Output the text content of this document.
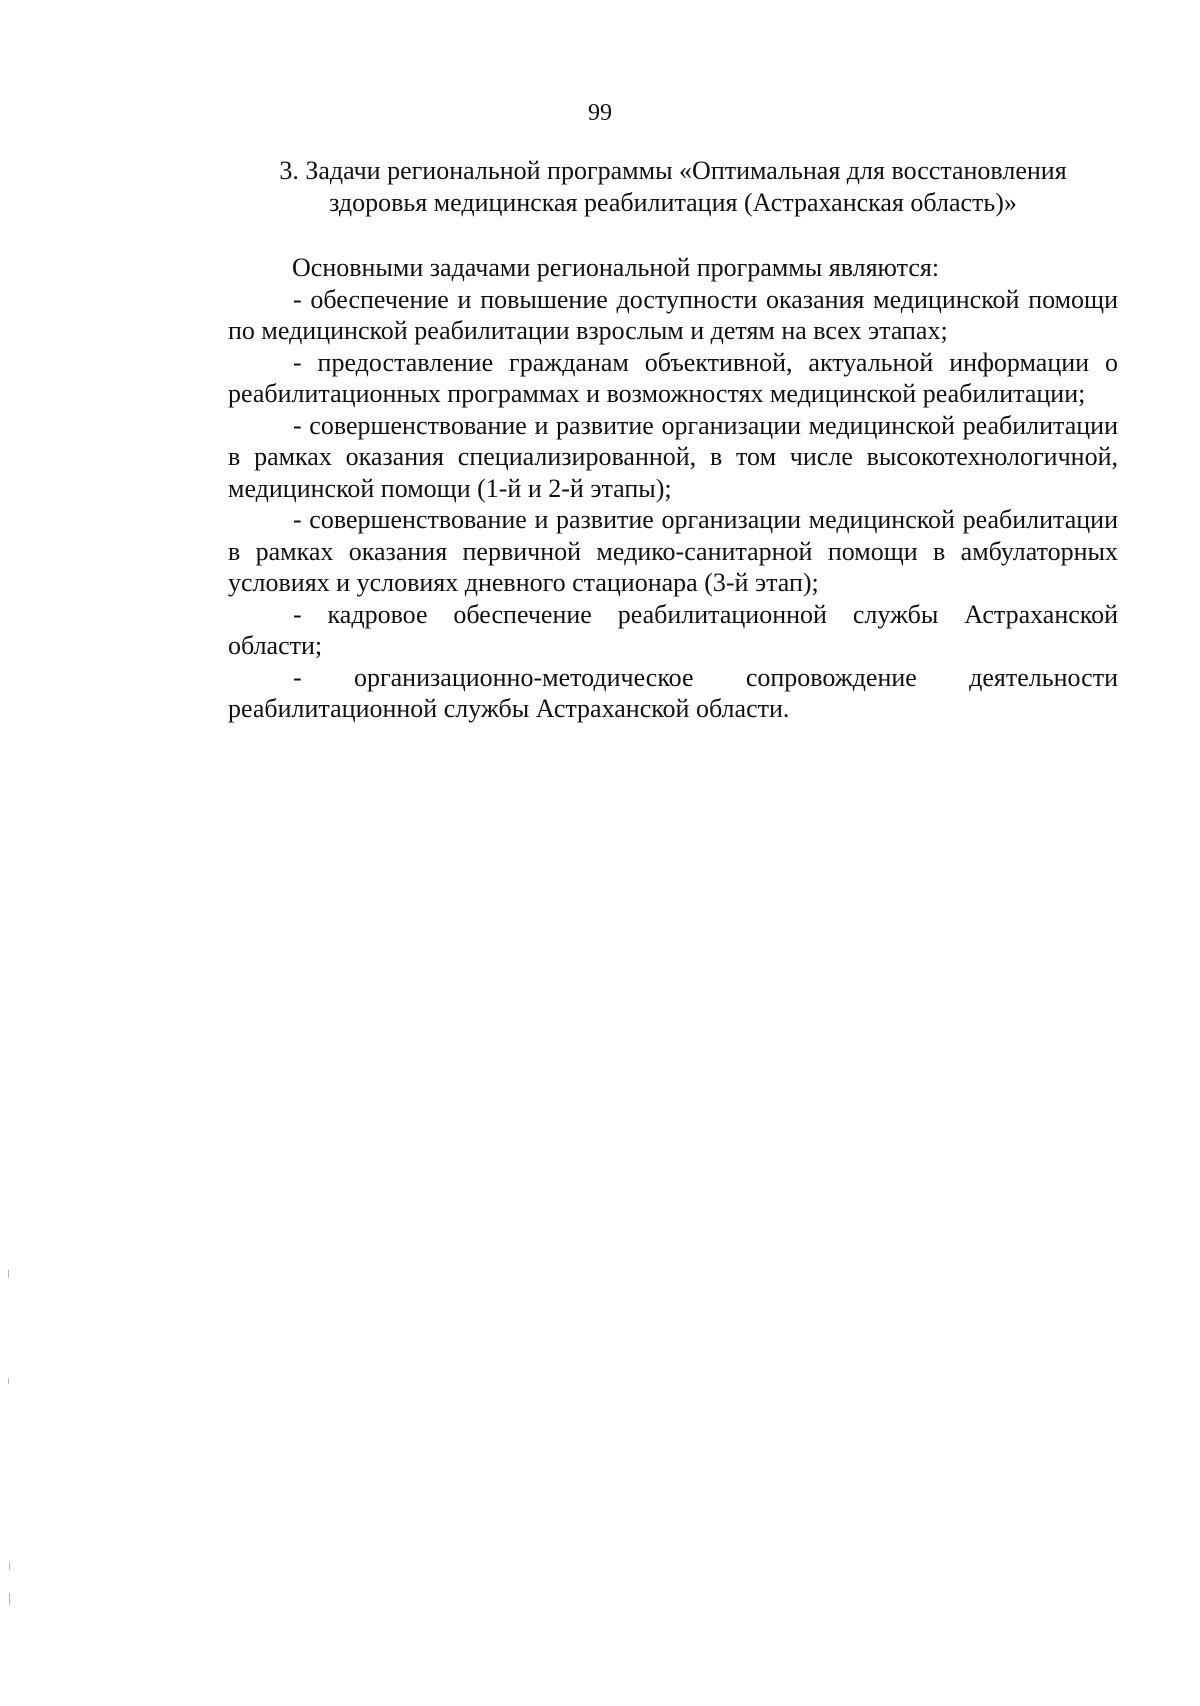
99
3. Задачи региональной программы «Оптимальная для восстановления здоровья медицинская реабилитация (Астраханская область)»

Основными задачами региональной программы являются:

- обеспечение и повышение доступности оказания медицинской помощи по медицинской реабилитации взрослым и детям на всех этапах;

- предоставление гражданам объективной, актуальной информации о реабилитационных программах и возможностях медицинской реабилитации;

- совершенствование и развитие организации медицинской реабилитации в рамках оказания специализированной, в том числе высокотехнологичной, медицинской помощи (1-й и 2-й этапы);

- совершенствование и развитие организации медицинской реабилитации в рамках оказания первичной медико-санитарной помощи в амбулаторных условиях и условиях дневного стационара (3-й этап);

- кадровое обеспечение реабилитационной службы Астраханской области;

- организационно-методическое сопровождение деятельности реабилитационной службы Астраханской области.
